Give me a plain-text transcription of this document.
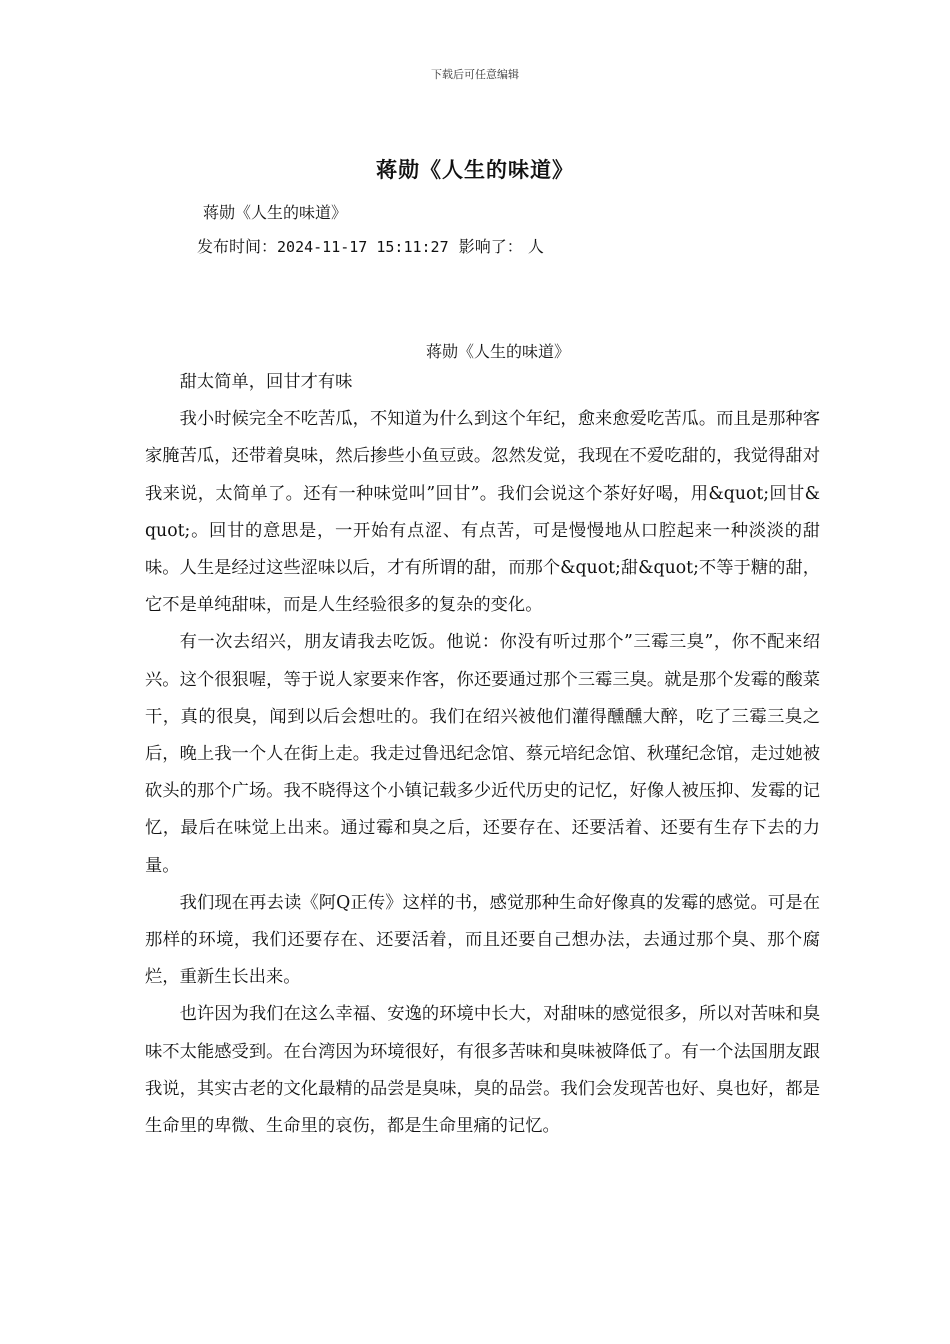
下载后可任意编辑
蒋勋《人生的味道》
蒋勋《人生的味道》
发布时间：2024-11-17 15:11:27 影响了： 人
蒋勋《人生的味道》

甜太简单，回甘才有味

我小时候完全不吃苦瓜，不知道为什么到这个年纪，愈来愈爱吃苦瓜。而且是那种客家腌苦瓜，还带着臭味，然后掺些小鱼豆豉。忽然发觉，我现在不爱吃甜的，我觉得甜对我来说，太简单了。还有一种味觉叫”回甘”。我们会说这个茶好好喝，用&quot;回甘&quot;。回甘的意思是，一开始有点涩、有点苦，可是慢慢地从口腔起来一种淡淡的甜味。人生是经过这些涩味以后，才有所谓的甜，而那个&quot;甜&quot;不等于糖的甜，它不是单纯甜味，而是人生经验很多的复杂的变化。

有一次去绍兴，朋友请我去吃饭。他说：你没有听过那个”三霉三臭”，你不配来绍兴。这个很狠喔，等于说人家要来作客，你还要通过那个三霉三臭。就是那个发霉的酸菜干，真的很臭，闻到以后会想吐的。我们在绍兴被他们灌得醺醺大醉，吃了三霉三臭之后，晚上我一个人在街上走。我走过鲁迅纪念馆、蔡元培纪念馆、秋瑾纪念馆，走过她被砍头的那个广场。我不晓得这个小镇记载多少近代历史的记忆，好像人被压抑、发霉的记忆，最后在味觉上出来。通过霉和臭之后，还要存在、还要活着、还要有生存下去的力量。

我们现在再去读《阿Q正传》这样的书，感觉那种生命好像真的发霉的感觉。可是在那样的环境，我们还要存在、还要活着，而且还要自己想办法，去通过那个臭、那个腐烂，重新生长出来。

也许因为我们在这么幸福、安逸的环境中长大，对甜味的感觉很多，所以对苦味和臭味不太能感受到。在台湾因为环境很好，有很多苦味和臭味被降低了。有一个法国朋友跟我说，其实古老的文化最精的品尝是臭味，臭的品尝。我们会发现苦也好、臭也好，都是生命里的卑微、生命里的哀伤，都是生命里痛的记忆。
